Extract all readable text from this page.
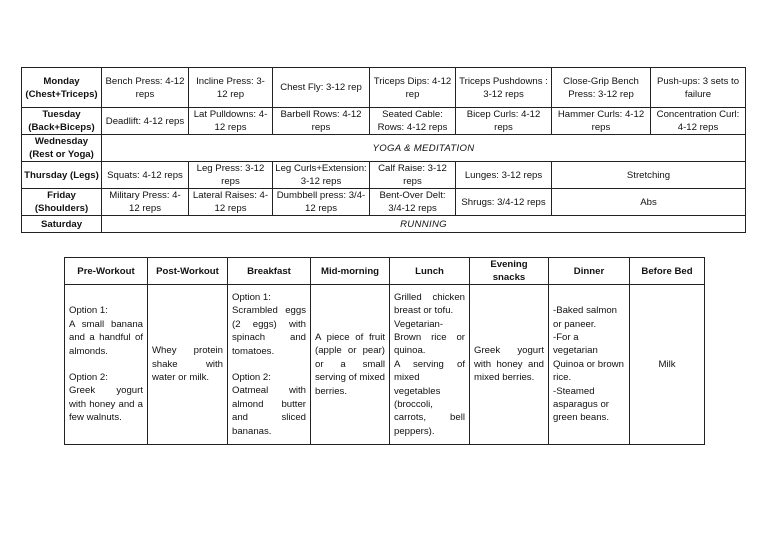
Monday (Chest+Triceps)	Bench Press: 4-12 reps	Incline Press: 3-12 rep	Chest Fly: 3-12 rep	Triceps Dips: 4-12 rep	Triceps Pushdowns : 3-12 reps	Close-Grip Bench Press: 3-12 rep	Push-ups: 3 sets to failure
Tuesday (Back+Biceps)	Deadlift: 4-12 reps	Lat Pulldowns: 4-12 reps	Barbell Rows: 4-12 reps	Seated Cable: Rows: 4-12 reps	Bicep Curls: 4-12 reps	Hammer Curls: 4-12 reps	Concentration Curl: 4-12 reps
Wednesday (Rest or Yoga)	YOGA & MEDITATION						
Thursday (Legs)	Squats: 4-12 reps	Leg Press: 3-12 reps	Leg Curls+Extension: 3-12 reps	Calf Raise: 3-12 reps	Lunges: 3-12 reps	Stretching	
Friday (Shoulders)	Military Press: 4-12 reps	Lateral Raises: 4-12 reps	Dumbbell press: 3/4-12 reps	Bent-Over Delt: 3/4-12 reps	Shrugs: 3/4-12 reps	Abs	
Saturday	RUNNING						
Pre-Workout	Post-Workout	Breakfast	Mid-morning	Lunch	Evening snacks	Dinner	Before Bed

Option 1:
A small banana and a handful of almonds.
Option 2:
Greek yogurt with honey and a few walnuts.	Whey protein shake with water or milk.	Option 1:
Scrambled eggs (2 eggs) with spinach and tomatoes.
Option 2:
Oatmeal with almond butter and sliced bananas.	A piece of fruit (apple or pear) or a small serving of mixed berries.	Grilled chicken breast or tofu.
Vegetarian-Brown rice or quinoa.
A serving of mixed vegetables (broccoli, carrots, bell peppers).	Greek yogurt with honey and mixed berries.	-Baked salmon or paneer.
-For a vegetarian Quinoa or brown rice.
-Steamed asparagus or green beans.	Milk
